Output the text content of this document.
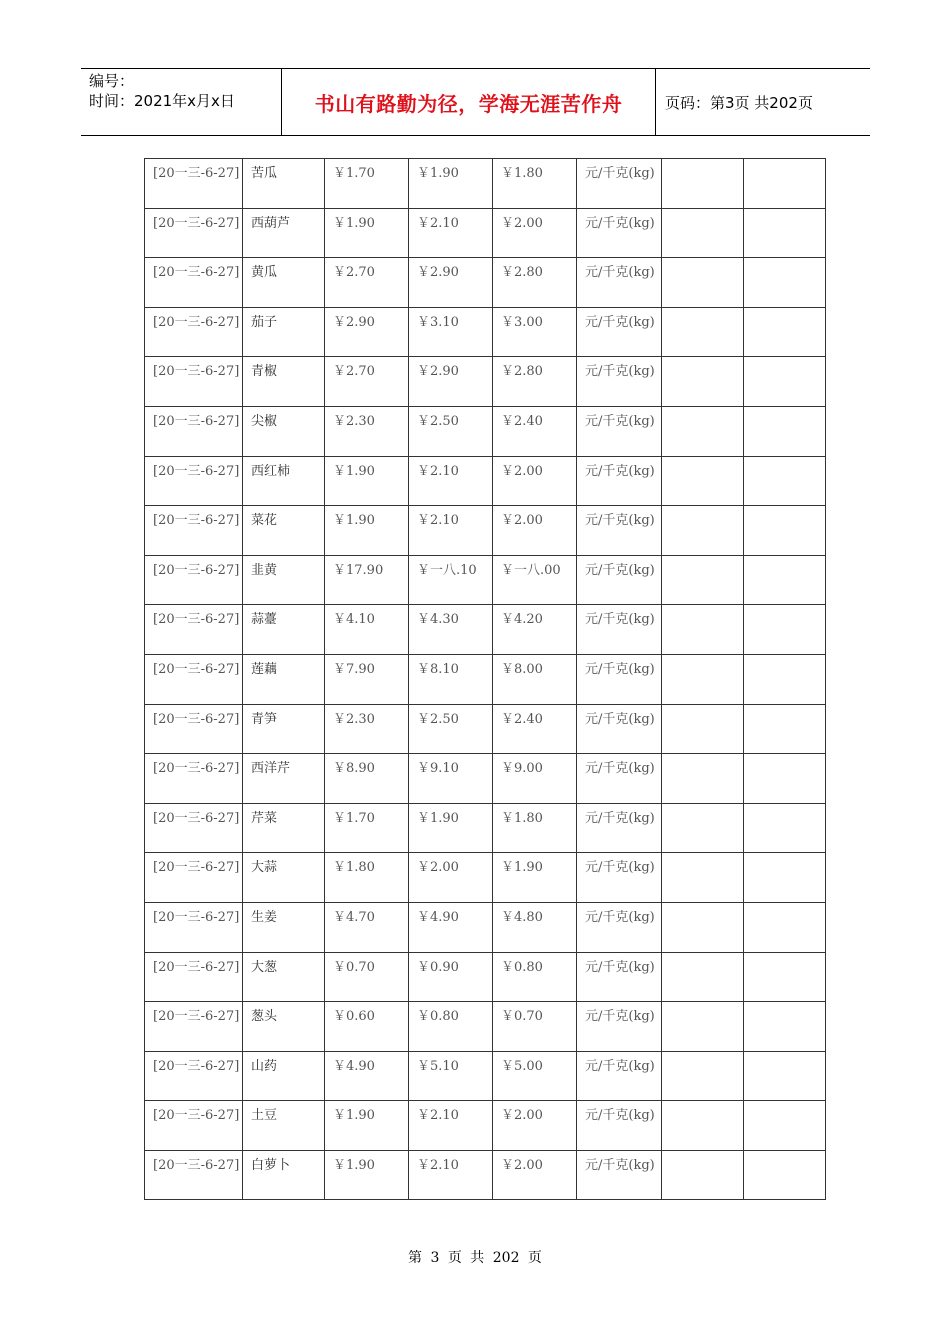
编号：
时间：2021年x月x日	书山有路勤为径，学海无涯苦作舟	页码：第3页 共202页
[20一三-6-27]	苦瓜	￥1.70	￥1.90	￥1.80	元/千克(kg)		
[20一三-6-27]	西葫芦	￥1.90	￥2.10	￥2.00	元/千克(kg)		
[20一三-6-27]	黄瓜	￥2.70	￥2.90	￥2.80	元/千克(kg)		
[20一三-6-27]	茄子	￥2.90	￥3.10	￥3.00	元/千克(kg)		
[20一三-6-27]	青椒	￥2.70	￥2.90	￥2.80	元/千克(kg)		
[20一三-6-27]	尖椒	￥2.30	￥2.50	￥2.40	元/千克(kg)		
[20一三-6-27]	西红柿	￥1.90	￥2.10	￥2.00	元/千克(kg)		
[20一三-6-27]	菜花	￥1.90	￥2.10	￥2.00	元/千克(kg)		
[20一三-6-27]	韭黄	￥17.90	￥一八.10	￥一八.00	元/千克(kg)		
[20一三-6-27]	蒜薹	￥4.10	￥4.30	￥4.20	元/千克(kg)		
[20一三-6-27]	莲藕	￥7.90	￥8.10	￥8.00	元/千克(kg)		
[20一三-6-27]	青笋	￥2.30	￥2.50	￥2.40	元/千克(kg)		
[20一三-6-27]	西洋芹	￥8.90	￥9.10	￥9.00	元/千克(kg)		
[20一三-6-27]	芹菜	￥1.70	￥1.90	￥1.80	元/千克(kg)		
[20一三-6-27]	大蒜	￥1.80	￥2.00	￥1.90	元/千克(kg)		
[20一三-6-27]	生姜	￥4.70	￥4.90	￥4.80	元/千克(kg)		
[20一三-6-27]	大葱	￥0.70	￥0.90	￥0.80	元/千克(kg)		
[20一三-6-27]	葱头	￥0.60	￥0.80	￥0.70	元/千克(kg)		
[20一三-6-27]	山药	￥4.90	￥5.10	￥5.00	元/千克(kg)		
[20一三-6-27]	土豆	￥1.90	￥2.10	￥2.00	元/千克(kg)		
[20一三-6-27]	白萝卜	￥1.90	￥2.10	￥2.00	元/千克(kg)		
第 3 页 共 202 页
